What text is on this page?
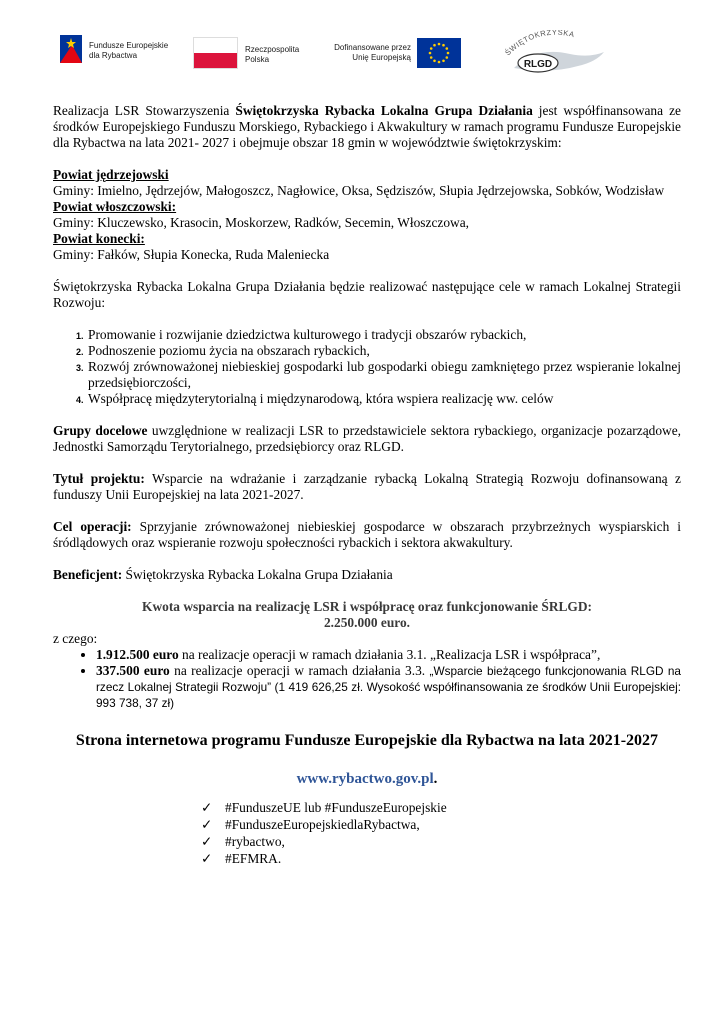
Fundusze Europejskie
dla Rybactwa
Rzeczpospolita
Polska
Dofinansowane przez
Unię Europejską
ŚWIĘTOKRZYSKA
RLGD

Realizacja LSR Stowarzyszenia Świętokrzyska Rybacka Lokalna Grupa Działania jest współfinansowana ze środków Europejskiego Funduszu Morskiego, Rybackiego i Akwakultury w ramach programu Fundusze Europejskie dla Rybactwa na lata 2021- 2027 i obejmuje obszar 18 gmin w województwie świętokrzyskim:

Powiat jędrzejowski
Gminy: Imielno, Jędrzejów, Małogoszcz, Nagłowice, Oksa, Sędziszów, Słupia Jędrzejowska, Sobków, Wodzisław
Powiat włoszczowski:
Gminy: Kluczewsko, Krasocin, Moskorzew, Radków, Secemin, Włoszczowa,
Powiat konecki:
Gminy: Fałków, Słupia Konecka, Ruda Maleniecka

Świętokrzyska Rybacka Lokalna Grupa Działania będzie realizować następujące cele w ramach Lokalnej Strategii Rozwoju:

1. Promowanie i rozwijanie dziedzictwa kulturowego i tradycji obszarów rybackich,
2. Podnoszenie poziomu życia na obszarach rybackich,
3. Rozwój zrównoważonej niebieskiej gospodarki lub gospodarki obiegu zamkniętego przez wspieranie lokalnej przedsiębiorczości,
4. Współpracę międzyterytorialną i międzynarodową, która wspiera realizację ww. celów

Grupy docelowe uwzględnione w realizacji LSR to przedstawiciele sektora rybackiego, organizacje pozarządowe, Jednostki Samorządu Terytorialnego, przedsiębiorcy oraz RLGD.

Tytuł projektu: Wsparcie na wdrażanie i zarządzanie rybacką Lokalną Strategią Rozwoju dofinansowaną z funduszy Unii Europejskiej na lata 2021-2027.

Cel operacji: Sprzyjanie zrównoważonej niebieskiej gospodarce w obszarach przybrzeżnych wyspiarskich i śródlądowych oraz wspieranie rozwoju społeczności rybackich i sektora akwakultury.

Beneficjent: Świętokrzyska Rybacka Lokalna Grupa Działania

Kwota wsparcia na realizację LSR i współpracę oraz funkcjonowanie ŚRLGD:
2.250.000 euro.
z czego:
• 1.912.500 euro na realizacje operacji w ramach działania 3.1. „Realizacja LSR i współpraca”,
• 337.500 euro na realizacje operacji w ramach działania 3.3. „Wsparcie bieżącego funkcjonowania RLGD na rzecz Lokalnej Strategii Rozwoju” (1 419 626,25 zł. Wysokość współfinansowania ze środków Unii Europejskiej: 993 738, 37 zł)
Strona internetowa programu Fundusze Europejskie dla Rybactwa na lata 2021-2027
www.rybactwo.gov.pl.
✓ #FunduszeUE lub #FunduszeEuropejskie
✓ #FunduszeEuropejskiedlaRybactwa,
✓ #rybactwo,
✓ #EFMRA.
